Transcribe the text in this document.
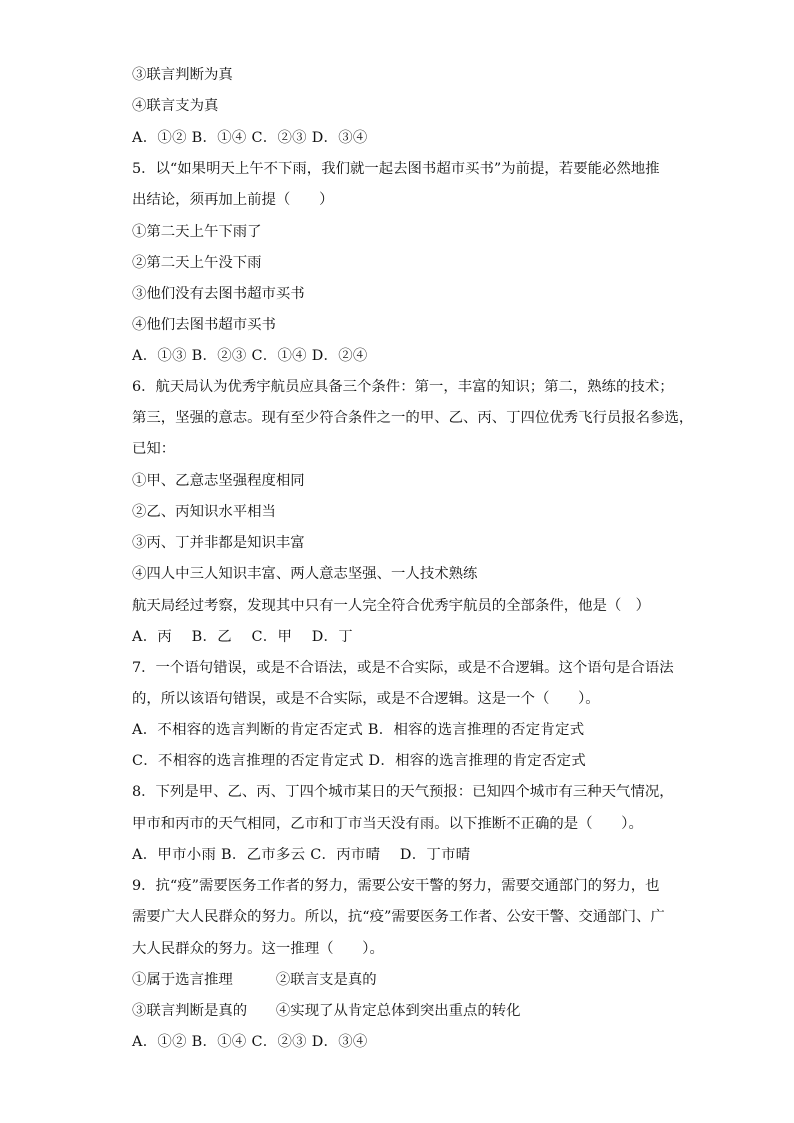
③联言判断为真
④联言支为真
A．①② B．①④ C．②③ D．③④
5．以“如果明天上午不下雨，我们就一起去图书超市买书”为前提，若要能必然地推
出结论，须再加上前提（　　）
①第二天上午下雨了
②第二天上午没下雨
③他们没有去图书超市买书
④他们去图书超市买书
A．①③ B．②③ C．①④ D．②④
6．航天局认为优秀宇航员应具备三个条件：第一，丰富的知识；第二，熟练的技术；
第三，坚强的意志。现有至少符合条件之一的甲、乙、丙、丁四位优秀飞行员报名参选，
已知：
①甲、乙意志坚强程度相同
②乙、丙知识水平相当
③丙、丁并非都是知识丰富
④四人中三人知识丰富、两人意志坚强、一人技术熟练
航天局经过考察，发现其中只有一人完全符合优秀宇航员的全部条件，他是（　）
A．丙　 B．乙　 C．甲　 D．丁
7．一个语句错误，或是不合语法，或是不合实际，或是不合逻辑。这个语句是合语法
的，所以该语句错误，或是不合实际，或是不合逻辑。这是一个（　　）。
A．不相容的选言判断的肯定否定式 B．相容的选言推理的否定肯定式
C．不相容的选言推理的否定肯定式 D．相容的选言推理的肯定否定式
8．下列是甲、乙、丙、丁四个城市某日的天气预报：已知四个城市有三种天气情况，
甲市和丙市的天气相同，乙市和丁市当天没有雨。以下推断不正确的是（　　）。
A．甲市小雨 B．乙市多云 C．丙市晴　 D．丁市晴
9．抗“疫”需要医务工作者的努力，需要公安干警的努力，需要交通部门的努力，也
需要广大人民群众的努力。所以，抗“疫”需要医务工作者、公安干警、交通部门、广
大人民群众的努力。这一推理（　　）。
①属于选言推理　　　②联言支是真的
③联言判断是真的　　④实现了从肯定总体到突出重点的转化
A．①② B．①④ C．②③ D．③④
